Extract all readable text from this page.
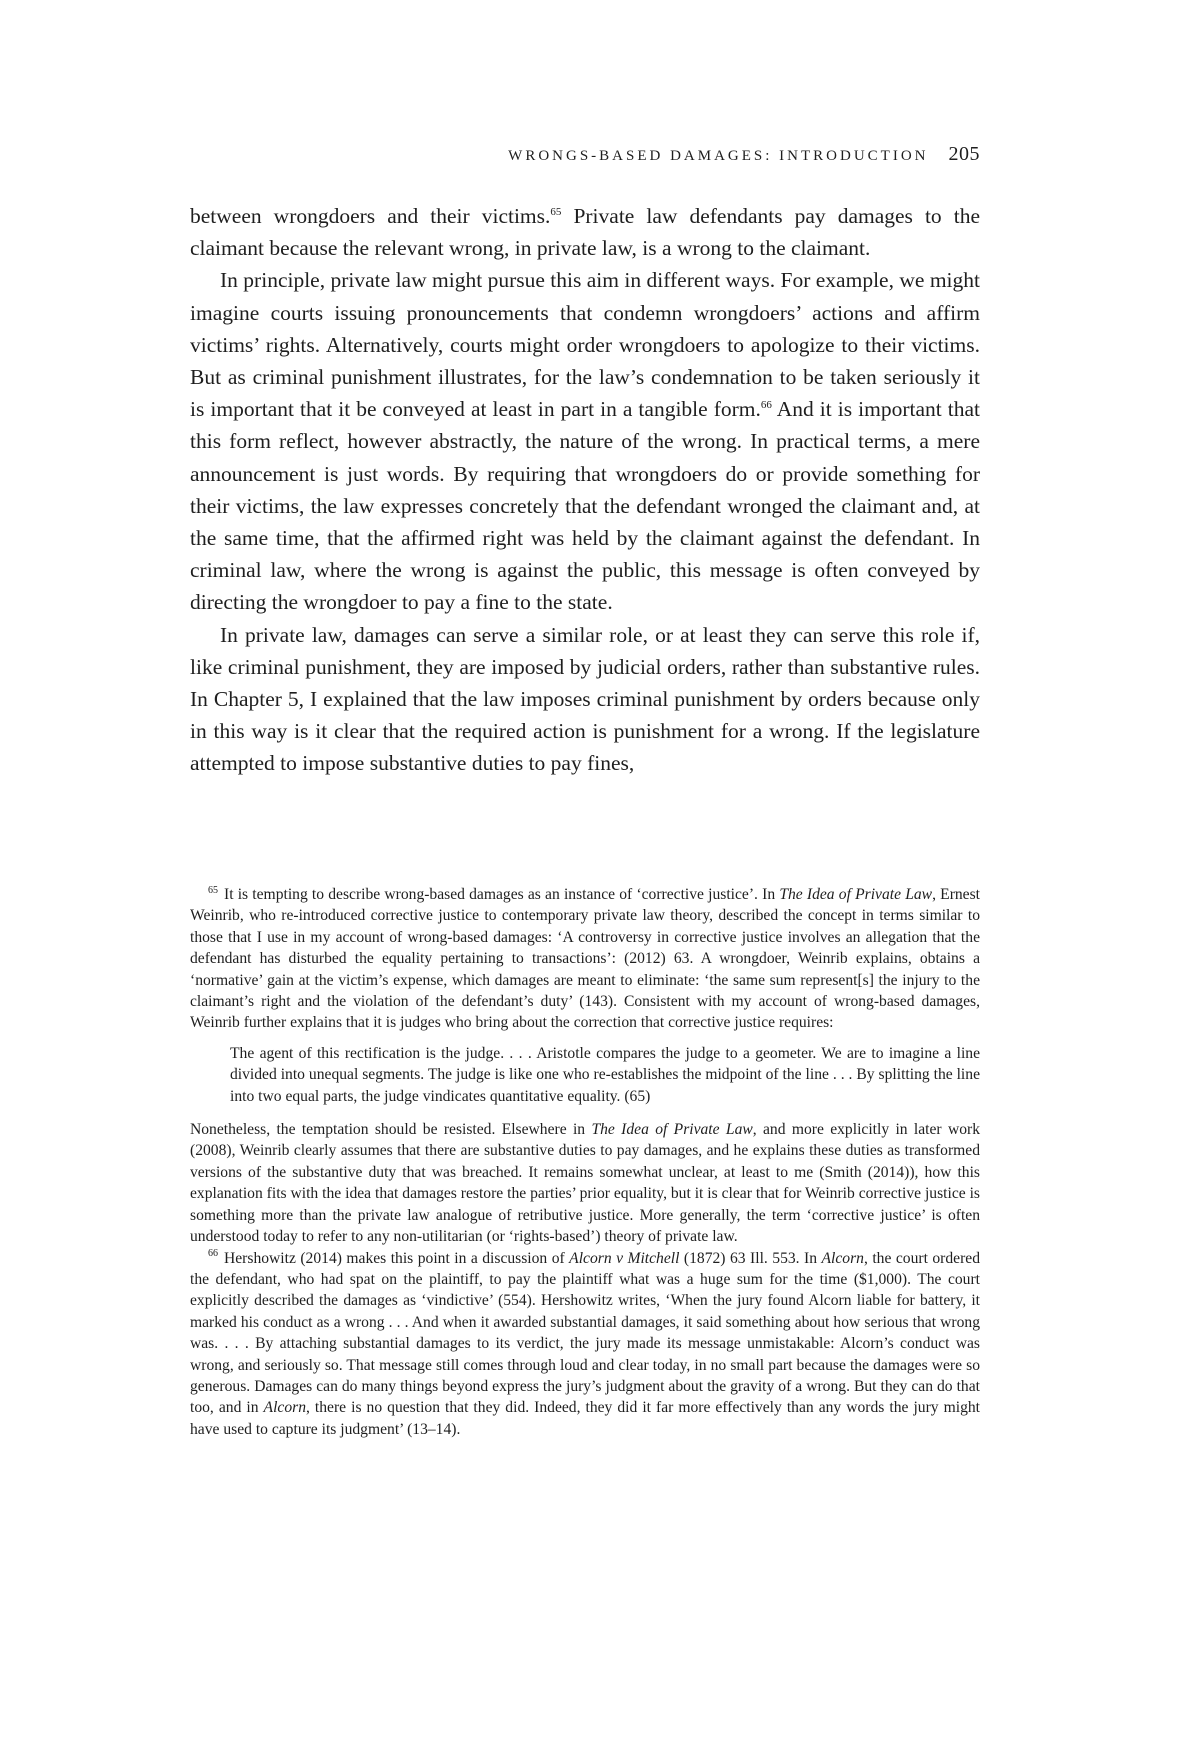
WRONGS-BASED DAMAGES: INTRODUCTION 205

between wrongdoers and their victims.$^{65}$ Private law defendants pay damages to the claimant because the relevant wrong, in private law, is a wrong to the claimant.

In principle, private law might pursue this aim in different ways. For example, we might imagine courts issuing pronouncements that condemn wrongdoers’ actions and affirm victims’ rights. Alternatively, courts might order wrongdoers to apologize to their victims. But as criminal punishment illustrates, for the law’s condemnation to be taken seriously it is important that it be conveyed at least in part in a tangible form.$^{66}$ And it is important that this form reflect, however abstractly, the nature of the wrong. In practical terms, a mere announcement is just words. By requiring that wrongdoers do or provide something for their victims, the law expresses concretely that the defendant wronged the claimant and, at the same time, that the affirmed right was held by the claimant against the defendant. In criminal law, where the wrong is against the public, this message is often conveyed by directing the wrongdoer to pay a fine to the state.

In private law, damages can serve a similar role, or at least they can serve this role if, like criminal punishment, they are imposed by judicial orders, rather than substantive rules. In Chapter 5, I explained that the law imposes criminal punishment by orders because only in this way is it clear that the required action is punishment for a wrong. If the legislature attempted to impose substantive duties to pay fines,

$^{65}$ It is tempting to describe wrong-based damages as an instance of ‘corrective justice’. In The Idea of Private Law, Ernest Weinrib, who re-introduced corrective justice to contemporary private law theory, described the concept in terms similar to those that I use in my account of wrong-based damages: ‘A controversy in corrective justice involves an allegation that the defendant has disturbed the equality pertaining to transactions’: (2012) 63. A wrongdoer, Weinrib explains, obtains a ‘normative’ gain at the victim’s expense, which damages are meant to eliminate: ‘the same sum represent[s] the injury to the claimant’s right and the violation of the defendant’s duty’ (143). Consistent with my account of wrong-based damages, Weinrib further explains that it is judges who bring about the correction that corrective justice requires:

The agent of this rectification is the judge. . . . Aristotle compares the judge to a geometer. We are to imagine a line divided into unequal segments. The judge is like one who re-establishes the midpoint of the line . . . By splitting the line into two equal parts, the judge vindicates quantitative equality. (65)

Nonetheless, the temptation should be resisted. Elsewhere in The Idea of Private Law, and more explicitly in later work (2008), Weinrib clearly assumes that there are substantive duties to pay damages, and he explains these duties as transformed versions of the substantive duty that was breached. It remains somewhat unclear, at least to me (Smith (2014)), how this explanation fits with the idea that damages restore the parties’ prior equality, but it is clear that for Weinrib corrective justice is something more than the private law analogue of retributive justice. More generally, the term ‘corrective justice’ is often understood today to refer to any non-utilitarian (or ‘rights-based’) theory of private law.

$^{66}$ Hershowitz (2014) makes this point in a discussion of Alcorn v Mitchell (1872) 63 Ill. 553. In Alcorn, the court ordered the defendant, who had spat on the plaintiff, to pay the plaintiff what was a huge sum for the time ($1,000). The court explicitly described the damages as ‘vindictive’ (554). Hershowitz writes, ‘When the jury found Alcorn liable for battery, it marked his conduct as a wrong . . . And when it awarded substantial damages, it said something about how serious that wrong was. . . . By attaching substantial damages to its verdict, the jury made its message unmistakable: Alcorn’s conduct was wrong, and seriously so. That message still comes through loud and clear today, in no small part because the damages were so generous. Damages can do many things beyond express the jury’s judgment about the gravity of a wrong. But they can do that too, and in Alcorn, there is no question that they did. Indeed, they did it far more effectively than any words the jury might have used to capture its judgment’ (13–14).
